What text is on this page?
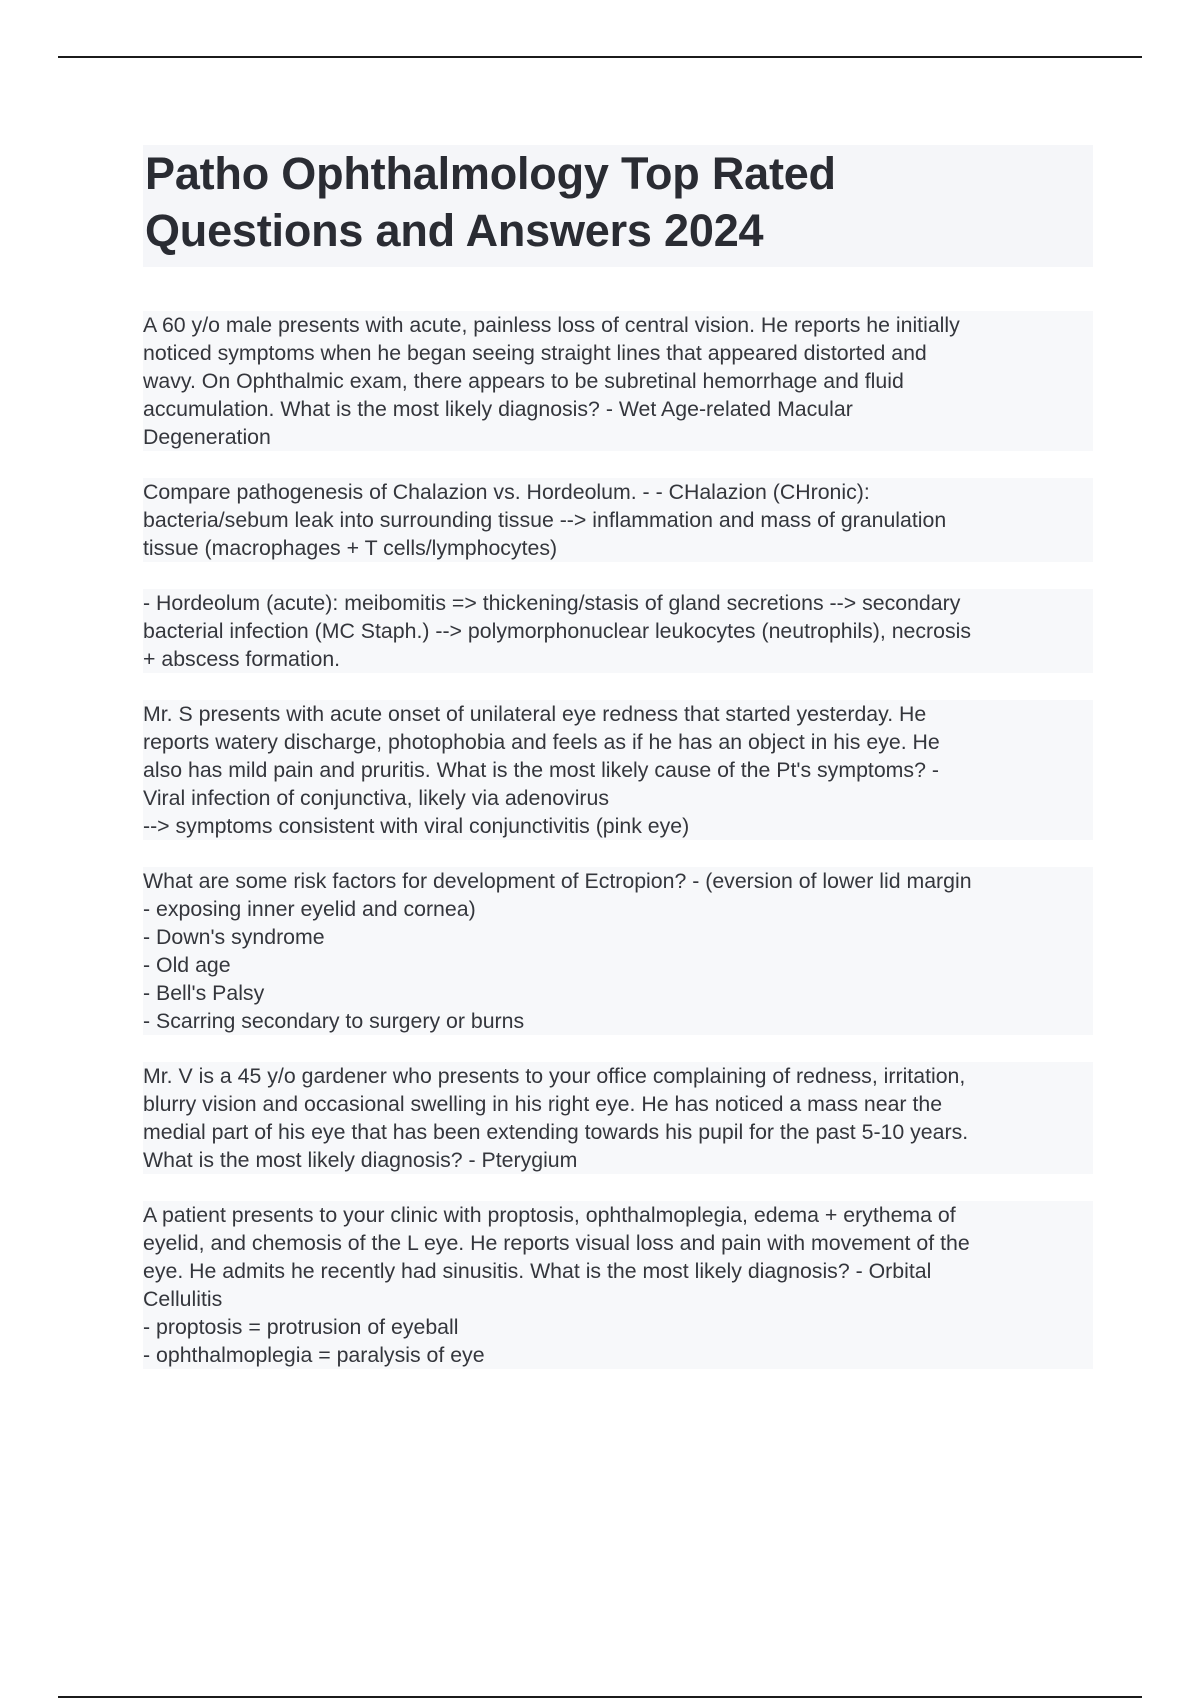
Patho Ophthalmology Top Rated
Questions and Answers 2024

A 60 y/o male presents with acute, painless loss of central vision. He reports he initially
noticed symptoms when he began seeing straight lines that appeared distorted and
wavy. On Ophthalmic exam, there appears to be subretinal hemorrhage and fluid
accumulation. What is the most likely diagnosis? - Wet Age-related Macular
Degeneration

Compare pathogenesis of Chalazion vs. Hordeolum. - - CHalazion (CHronic):
bacteria/sebum leak into surrounding tissue --> inflammation and mass of granulation
tissue (macrophages + T cells/lymphocytes)

- Hordeolum (acute): meibomitis => thickening/stasis of gland secretions --> secondary
bacterial infection (MC Staph.) --> polymorphonuclear leukocytes (neutrophils), necrosis
+ abscess formation.

Mr. S presents with acute onset of unilateral eye redness that started yesterday. He
reports watery discharge, photophobia and feels as if he has an object in his eye. He
also has mild pain and pruritis. What is the most likely cause of the Pt's symptoms? -
Viral infection of conjunctiva, likely via adenovirus
--> symptoms consistent with viral conjunctivitis (pink eye)

What are some risk factors for development of Ectropion? - (eversion of lower lid margin
- exposing inner eyelid and cornea)
- Down's syndrome
- Old age
- Bell's Palsy
- Scarring secondary to surgery or burns

Mr. V is a 45 y/o gardener who presents to your office complaining of redness, irritation,
blurry vision and occasional swelling in his right eye. He has noticed a mass near the
medial part of his eye that has been extending towards his pupil for the past 5-10 years.
What is the most likely diagnosis? - Pterygium

A patient presents to your clinic with proptosis, ophthalmoplegia, edema + erythema of
eyelid, and chemosis of the L eye. He reports visual loss and pain with movement of the
eye. He admits he recently had sinusitis. What is the most likely diagnosis? - Orbital
Cellulitis
- proptosis = protrusion of eyeball
- ophthalmoplegia = paralysis of eye
